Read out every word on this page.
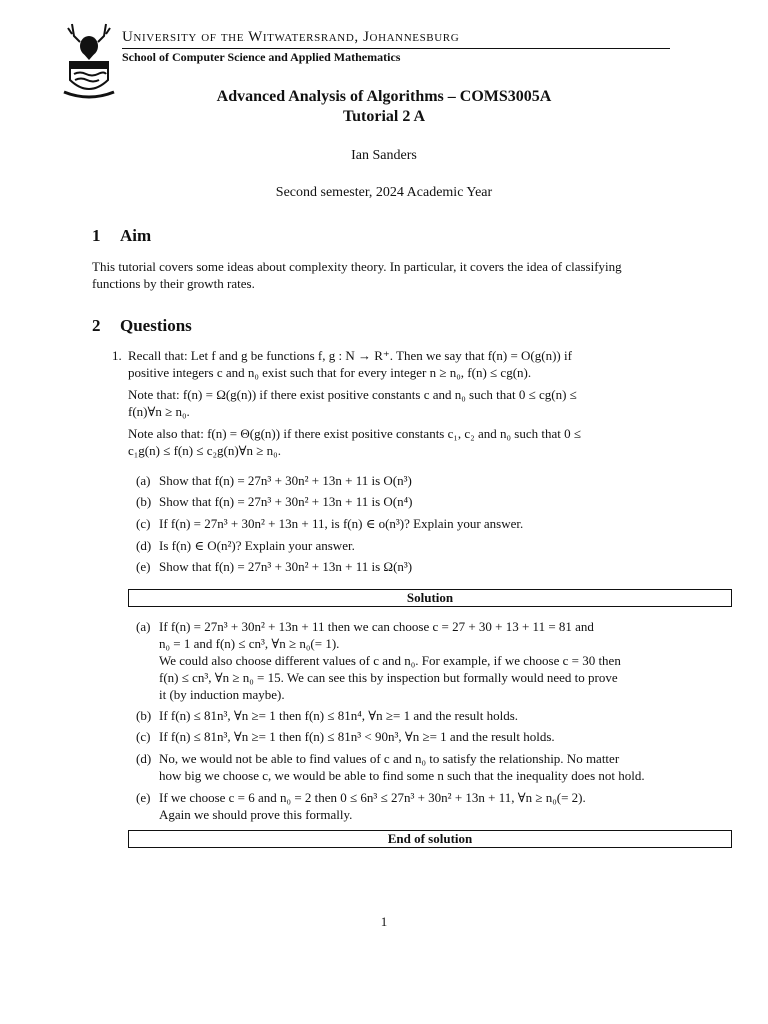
University of the Witwatersrand, Johannesburg
School of Computer Science and Applied Mathematics
Advanced Analysis of Algorithms – COMS3005A
Tutorial 2 A
Ian Sanders
Second semester, 2024 Academic Year
1 Aim
This tutorial covers some ideas about complexity theory. In particular, it covers the idea of classifying
functions by their growth rates.
2 Questions
1. Recall that: Let f and g be functions f, g : N → R⁺. Then we say that f(n) = O(g(n)) if
positive integers c and n₀ exist such that for every integer n ≥ n₀, f(n) ≤ cg(n).
Note that: f(n) = Ω(g(n)) if there exist positive constants c and n₀ such that 0 ≤ cg(n) ≤
f(n)∀n ≥ n₀.
Note also that: f(n) = Θ(g(n)) if there exist positive constants c₁, c₂ and n₀ such that 0 ≤
c₁g(n) ≤ f(n) ≤ c₂g(n)∀n ≥ n₀.
(a) Show that f(n) = 27n³ + 30n² + 13n + 11 is O(n³)
(b) Show that f(n) = 27n³ + 30n² + 13n + 11 is O(n⁴)
(c) If f(n) = 27n³ + 30n² + 13n + 11, is f(n) ∈ o(n³)? Explain your answer.
(d) Is f(n) ∈ O(n²)? Explain your answer.
(e) Show that f(n) = 27n³ + 30n² + 13n + 11 is Ω(n³)
Solution
(a) If f(n) = 27n³ + 30n² + 13n + 11 then we can choose c = 27 + 30 + 13 + 11 = 81 and
n₀ = 1 and f(n) ≤ cn³, ∀n ≥ n₀(= 1).
We could also choose different values of c and n₀. For example, if we choose c = 30 then
f(n) ≤ cn³, ∀n ≥ n₀ = 15. We can see this by inspection but formally would need to prove
it (by induction maybe).
(b) If f(n) ≤ 81n³, ∀n ≥= 1 then f(n) ≤ 81n⁴, ∀n ≥= 1 and the result holds.
(c) If f(n) ≤ 81n³, ∀n ≥= 1 then f(n) ≤ 81n³ < 90n³, ∀n ≥= 1 and the result holds.
(d) No, we would not be able to find values of c and n₀ to satisfy the relationship. No matter
how big we choose c, we would be able to find some n such that the inequality does not hold.
(e) If we choose c = 6 and n₀ = 2 then 0 ≤ 6n³ ≤ 27n³ + 30n² + 13n + 11, ∀n ≥ n₀(= 2).
Again we should prove this formally.
End of solution
1
